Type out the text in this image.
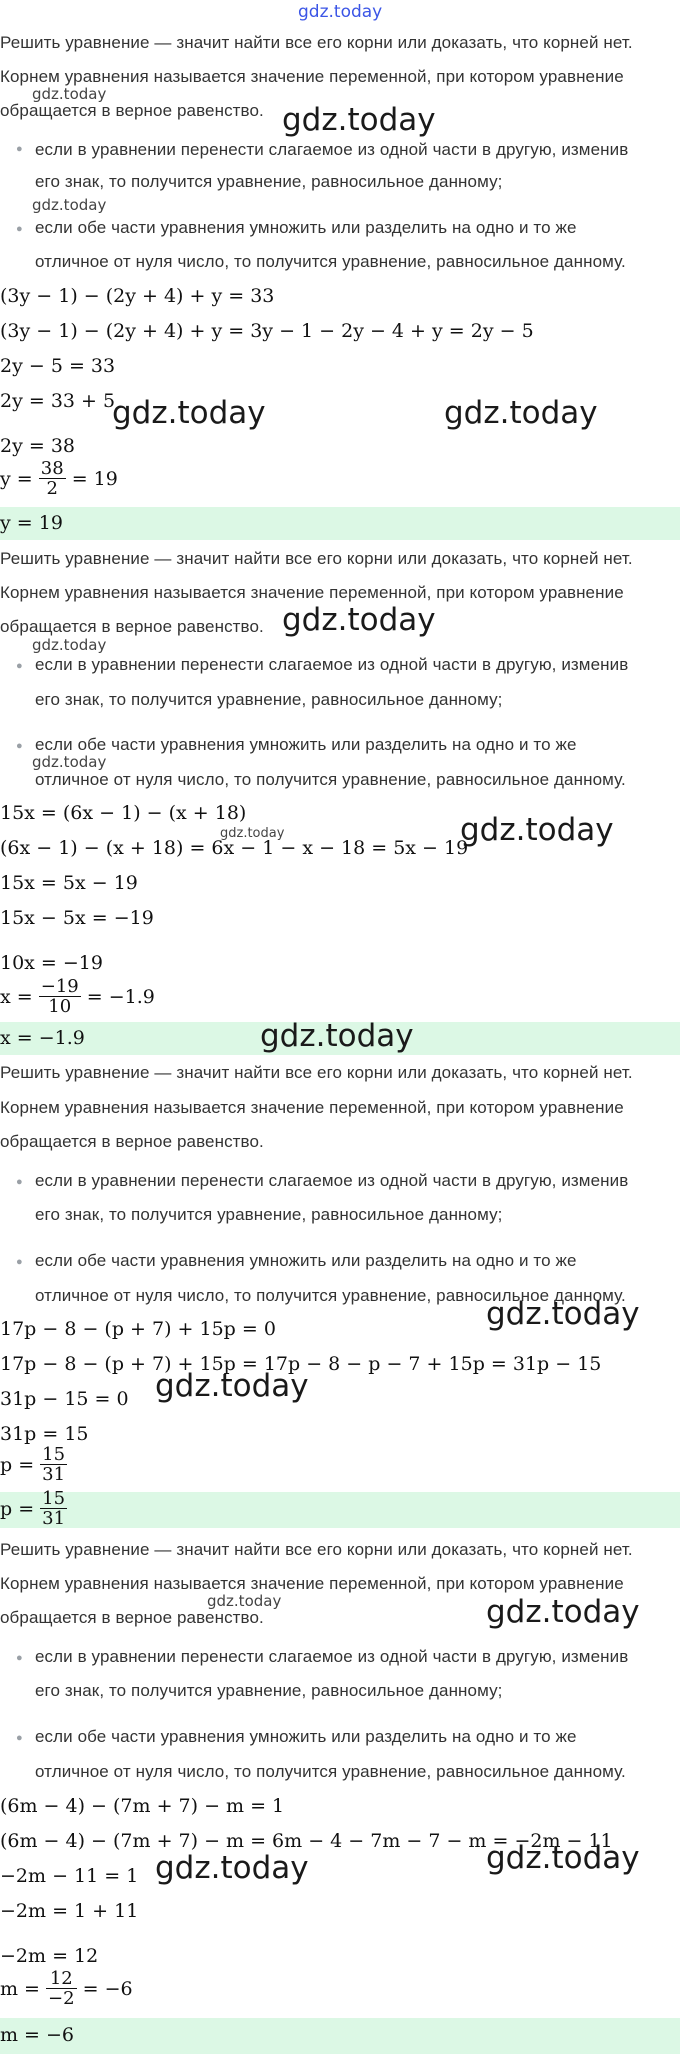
gdz.today
Решить уравнение — значит найти все его корни или доказать, что корней нет.
Корнем уравнения называется значение переменной, при котором уравнение
gdz.today
обращается в верное равенство. gdz.today
● если в уравнении перенести слагаемое из одной части в другую, изменив
его знак, то получится уравнение, равносильное данному;
gdz.today
● если обе части уравнения умножить или разделить на одно и то же
отличное от нуля число, то получится уравнение, равносильное данному.
(3y − 1) − (2y + 4) + y = 33
(3y − 1) − (2y + 4) + y = 3y − 1 − 2y − 4 + y = 2y − 5
2y − 5 = 33
2y = 33 + 5
gdz.today	gdz.today
2y = 38
$y = \frac{38}{2} = 19$
y = 19
Решить уравнение — значит найти все его корни или доказать, что корней нет.
Корнем уравнения называется значение переменной, при котором уравнение
обращается в верное равенство. gdz.today
gdz.today
● если в уравнении перенести слагаемое из одной части в другую, изменив
его знак, то получится уравнение, равносильное данному;
● если обе части уравнения умножить или разделить на одно и то же
gdz.today
отличное от нуля число, то получится уравнение, равносильное данному.
15x = (6x − 1) − (x + 18)
gdz.today	gdz.today
(6x − 1) − (x + 18) = 6x − 1 − x − 18 = 5x − 19
15x = 5x − 19
15x − 5x = −19
10x = −19
$x = \frac{-19}{10} = -1.9$
x = −1.9	gdz.today
Решить уравнение — значит найти все его корни или доказать, что корней нет.
Корнем уравнения называется значение переменной, при котором уравнение
обращается в верное равенство.
● если в уравнении перенести слагаемое из одной части в другую, изменив
его знак, то получится уравнение, равносильное данному;
● если обе части уравнения умножить или разделить на одно и то же
отличное от нуля число, то получится уравнение, равносильное данному.
gdz.today
17p − 8 − (p + 7) + 15p = 0
17p − 8 − (p + 7) + 15p = 17p − 8 − p − 7 + 15p = 31p − 15
31p − 15 = 0 gdz.today
31p = 15
$p = \frac{15}{31}$
$p = \frac{15}{31}$
Решить уравнение — значит найти все его корни или доказать, что корней нет.
Корнем уравнения называется значение переменной, при котором уравнение
gdz.today
обращается в верное равенство.	gdz.today
● если в уравнении перенести слагаемое из одной части в другую, изменив
его знак, то получится уравнение, равносильное данному;
● если обе части уравнения умножить или разделить на одно и то же
отличное от нуля число, то получится уравнение, равносильное данному.
(6m − 4) − (7m + 7) − m = 1
(6m − 4) − (7m + 7) − m = 6m − 4 − 7m − 7 − m = −2m − 11
gdz.today
−2m − 11 = 1 gdz.today
−2m = 1 + 11
−2m = 12
$m = \frac{12}{-2} = -6$
m = −6
